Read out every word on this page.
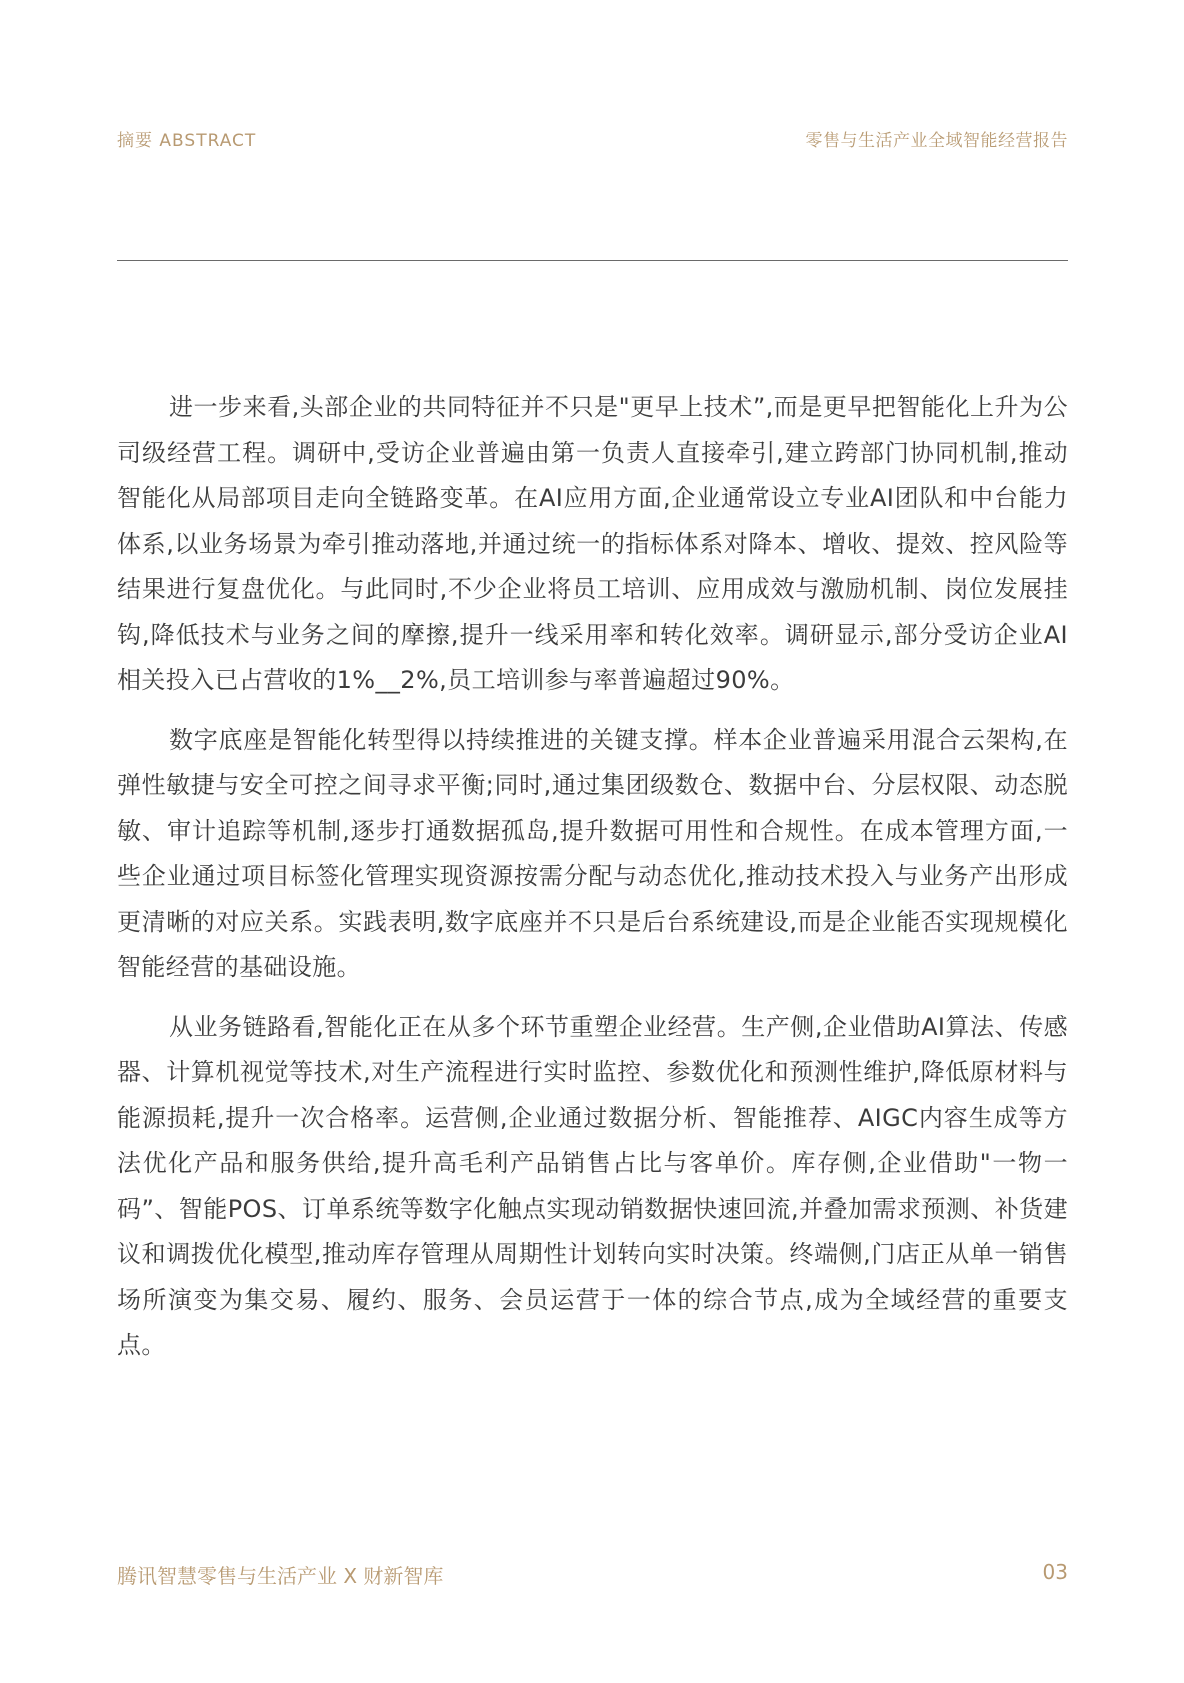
摘要 ABSTRACT	零售与生活产业全域智能经营报告

进一步来看,头部企业的共同特征并不只是"更早上技术”,而是更早把智能化上升为公司级经营工程。调研中,受访企业普遍由第一负责人直接牵引,建立跨部门协同机制,推动智能化从局部项目走向全链路变革。在AI应用方面,企业通常设立专业AI团队和中台能力体系,以业务场景为牵引推动落地,并通过统一的指标体系对降本、增收、提效、控风险等结果进行复盘优化。与此同时,不少企业将员工培训、应用成效与激励机制、岗位发展挂钩,降低技术与业务之间的摩擦,提升一线采用率和转化效率。调研显示,部分受访企业AI相关投入已占营收的1%__2%,员工培训参与率普遍超过90%。

数字底座是智能化转型得以持续推进的关键支撑。样本企业普遍采用混合云架构,在弹性敏捷与安全可控之间寻求平衡;同时,通过集团级数仓、数据中台、分层权限、动态脱敏、审计追踪等机制,逐步打通数据孤岛,提升数据可用性和合规性。在成本管理方面,一些企业通过项目标签化管理实现资源按需分配与动态优化,推动技术投入与业务产出形成更清晰的对应关系。实践表明,数字底座并不只是后台系统建设,而是企业能否实现规模化智能经营的基础设施。

从业务链路看,智能化正在从多个环节重塑企业经营。生产侧,企业借助AI算法、传感器、计算机视觉等技术,对生产流程进行实时监控、参数优化和预测性维护,降低原材料与能源损耗,提升一次合格率。运营侧,企业通过数据分析、智能推荐、AIGC内容生成等方法优化产品和服务供给,提升高毛利产品销售占比与客单价。库存侧,企业借助"一物一码”、智能POS、订单系统等数字化触点实现动销数据快速回流,并叠加需求预测、补货建议和调拨优化模型,推动库存管理从周期性计划转向实时决策。终端侧,门店正从单一销售场所演变为集交易、履约、服务、会员运营于一体的综合节点,成为全域经营的重要支点。

腾讯智慧零售与生活产业 X 财新智库	03
